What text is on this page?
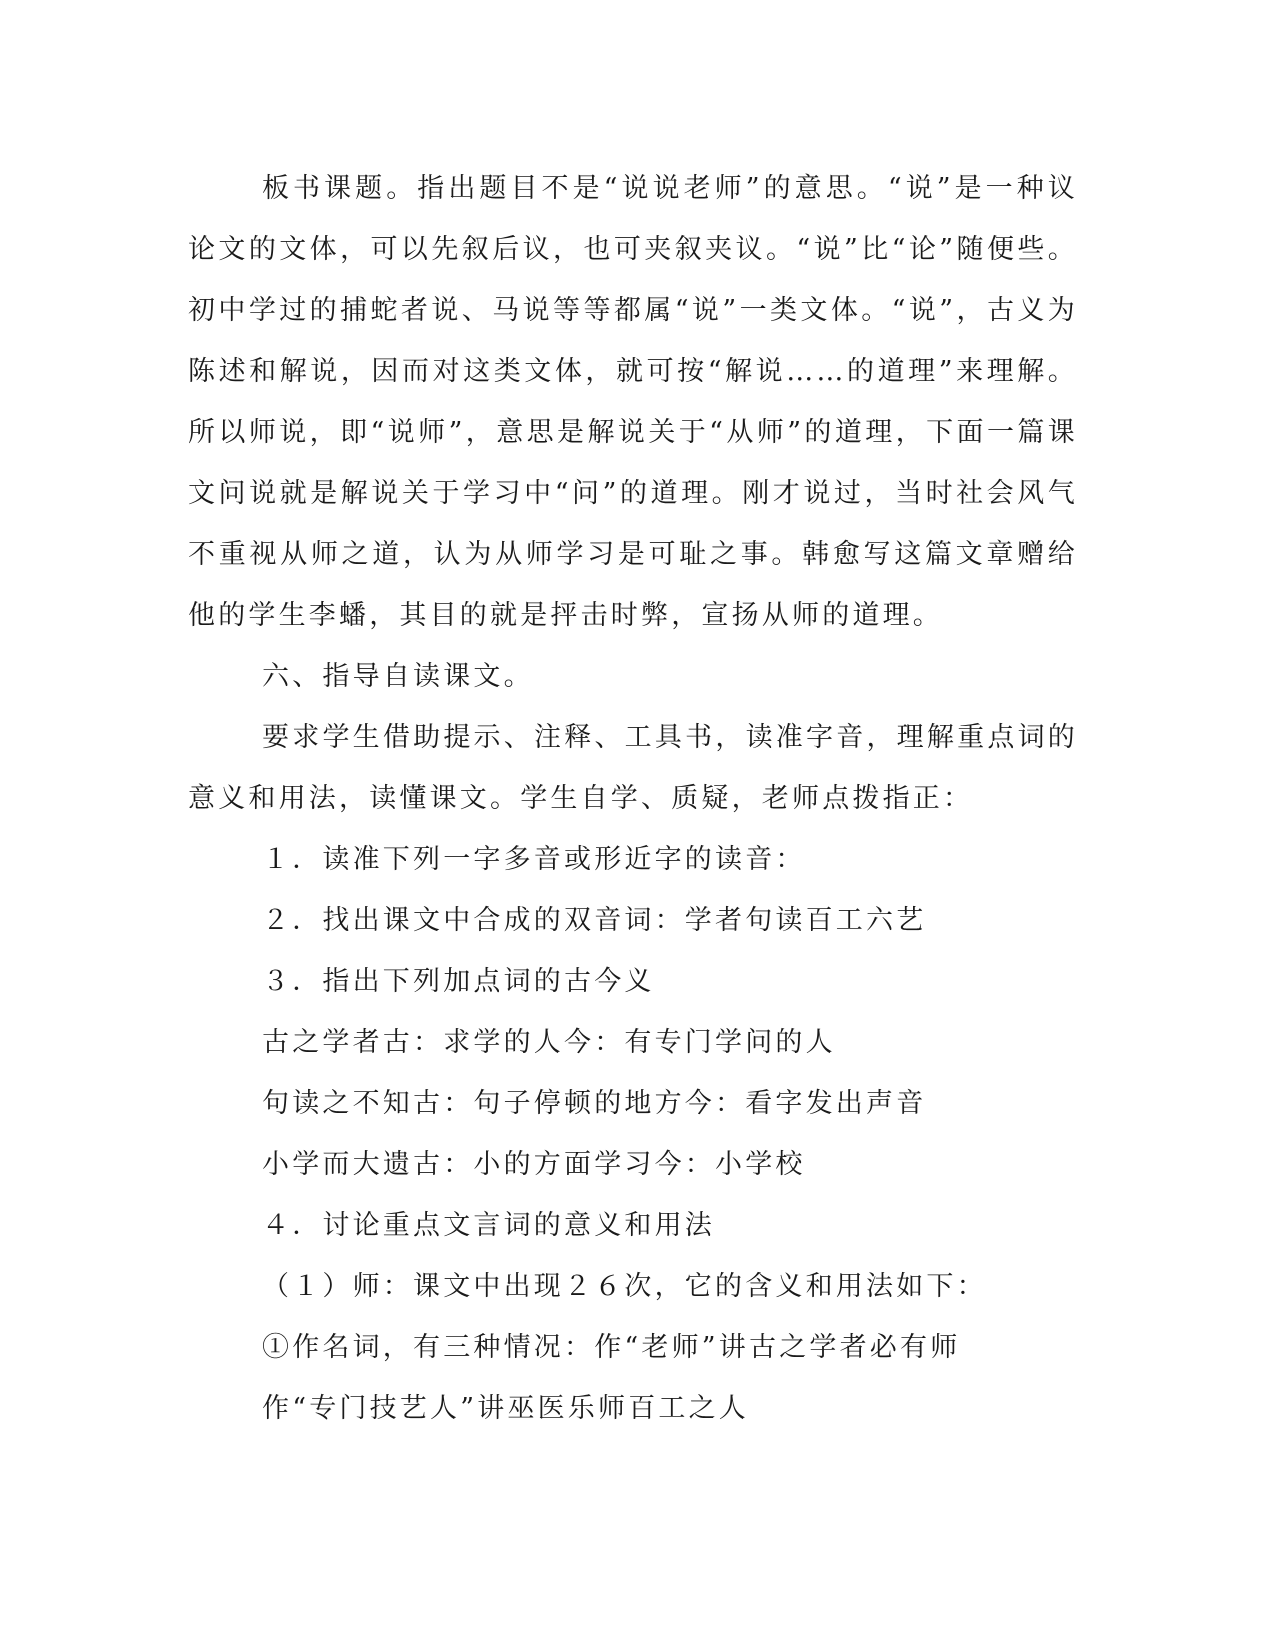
板书课题。指出题目不是“说说老师”的意思。“说”是一种议论文的文体，可以先叙后议，也可夹叙夹议。“说”比“论”随便些。初中学过的捕蛇者说、马说等等都属“说”一类文体。“说”，古义为陈述和解说，因而对这类文体，就可按“解说……的道理”来理解。所以师说，即“说师”，意思是解说关于“从师”的道理，下面一篇课文问说就是解说关于学习中“问”的道理。刚才说过，当时社会风气不重视从师之道，认为从师学习是可耻之事。韩愈写这篇文章赠给他的学生李蟠，其目的就是抨击时弊，宣扬从师的道理。

六、指导自读课文。

要求学生借助提示、注释、工具书，读准字音，理解重点词的意义和用法，读懂课文。学生自学、质疑，老师点拨指正：

１．读准下列一字多音或形近字的读音：

２．找出课文中合成的双音词：学者句读百工六艺

３．指出下列加点词的古今义

古之学者古：求学的人今：有专门学问的人

句读之不知古：句子停顿的地方今：看字发出声音

小学而大遗古：小的方面学习今：小学校

４．讨论重点文言词的意义和用法

（１）师：课文中出现２６次，它的含义和用法如下：

①作名词，有三种情况：作“老师”讲古之学者必有师

作“专门技艺人”讲巫医乐师百工之人
